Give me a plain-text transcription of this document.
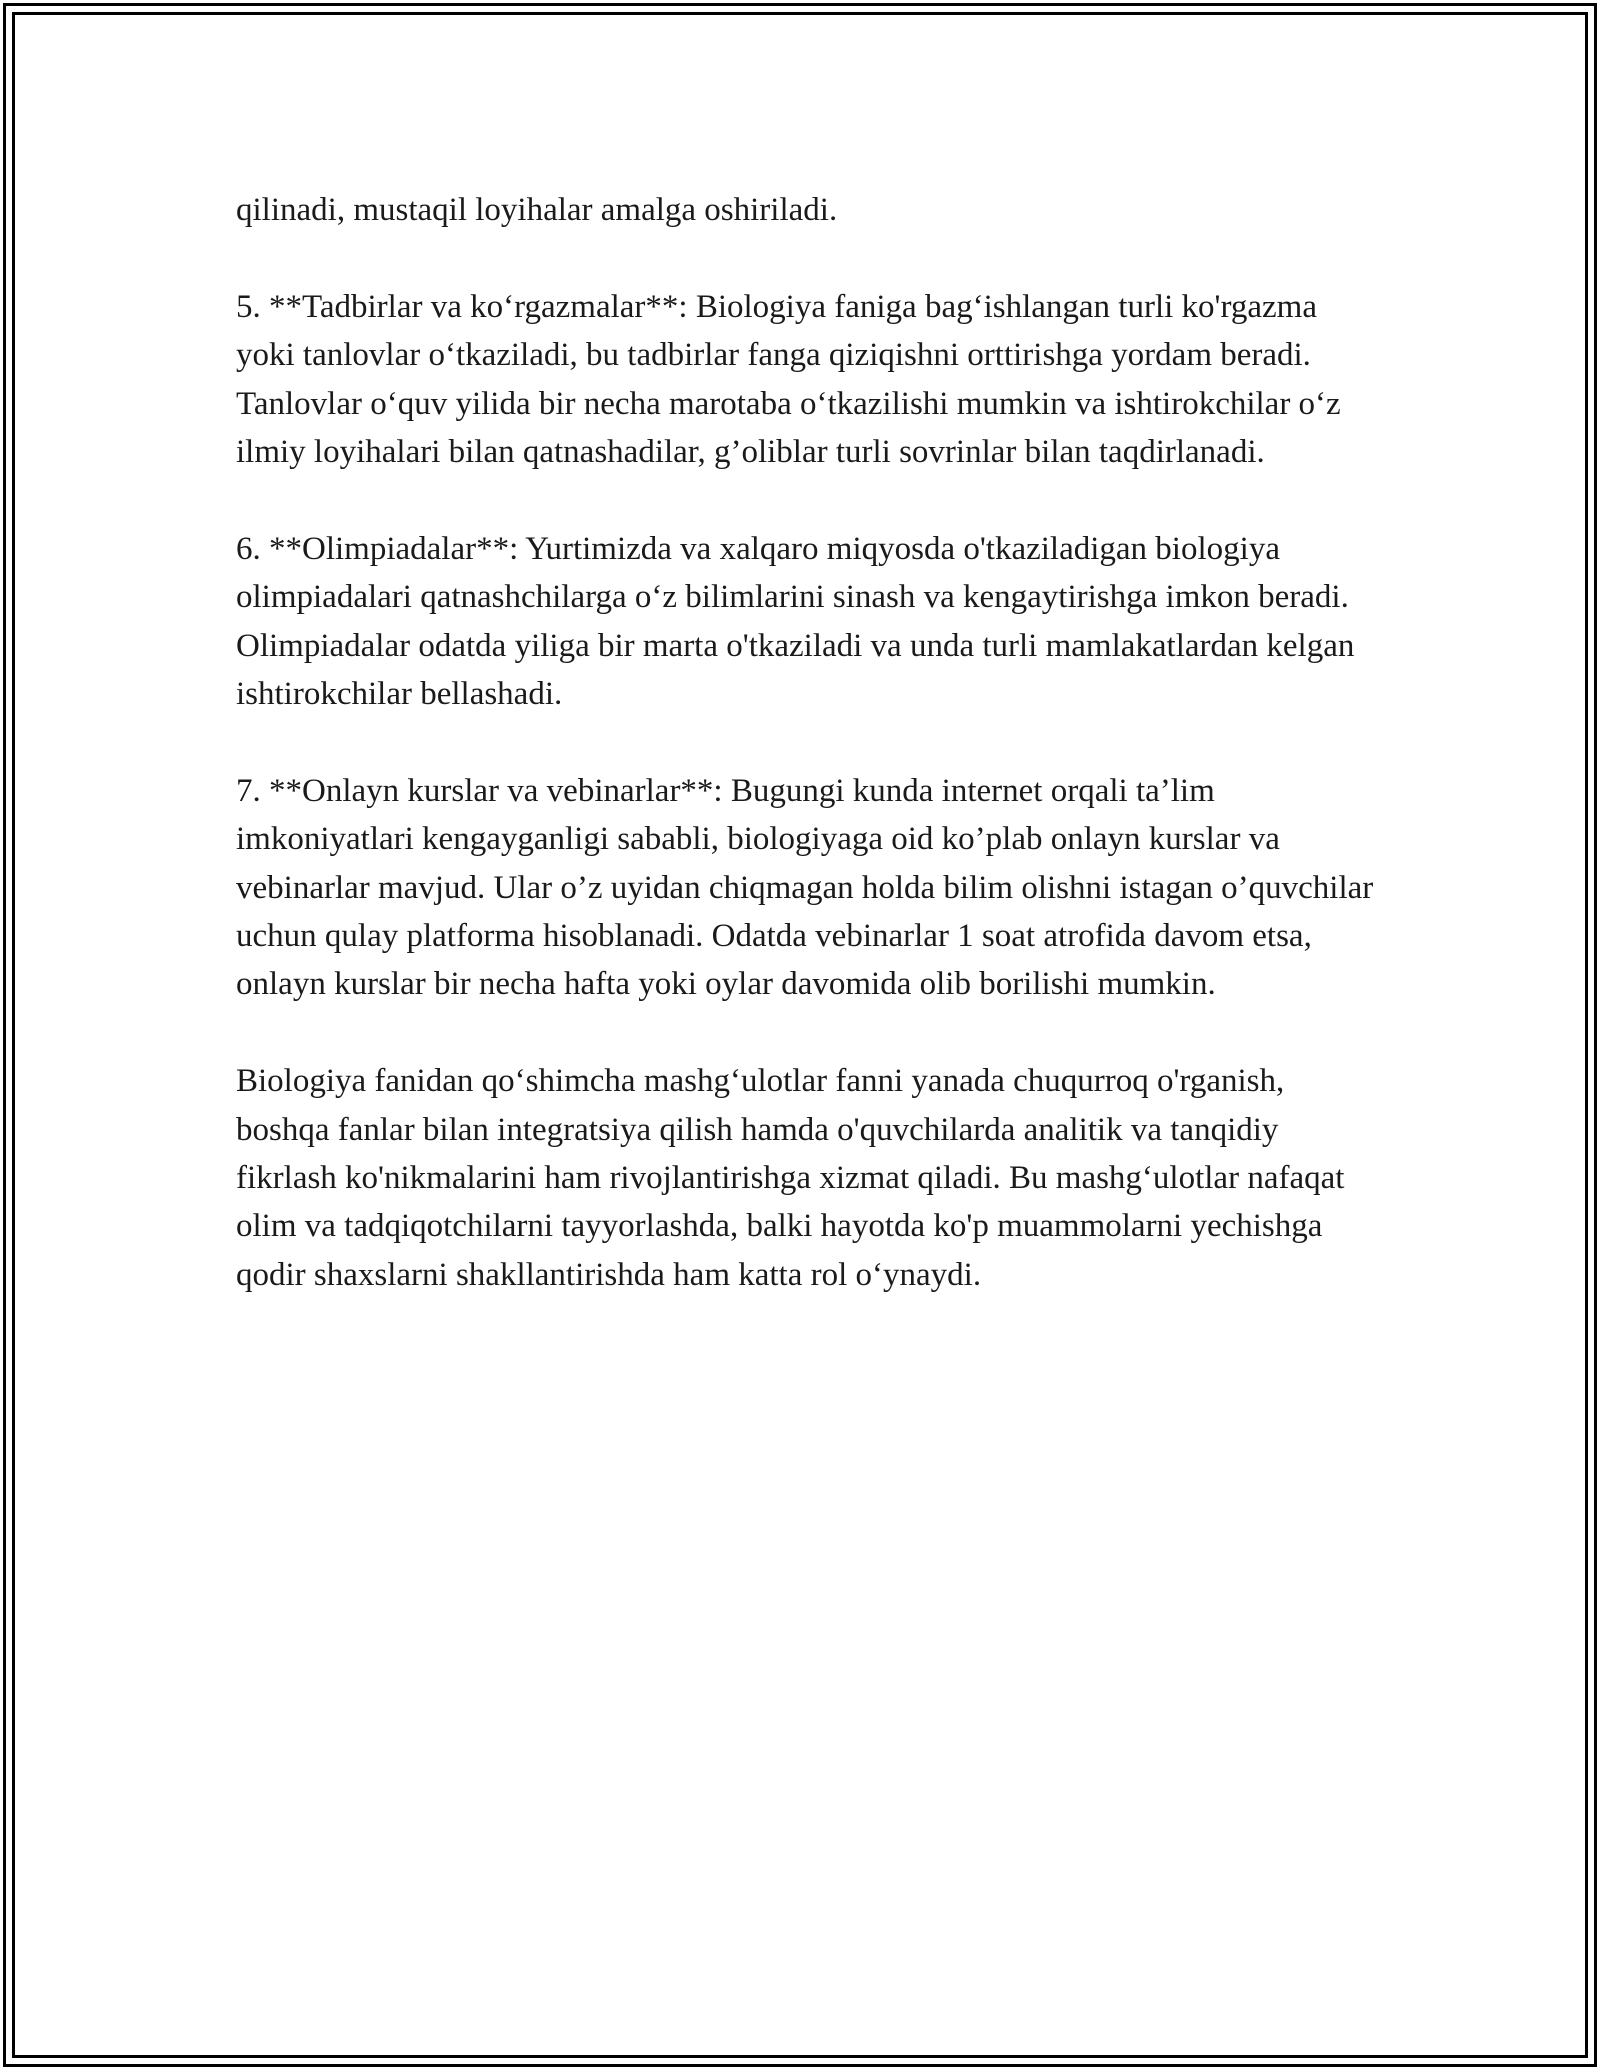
qilinadi, mustaqil loyihalar amalga oshiriladi.

5. **Tadbirlar va ko‘rgazmalar**: Biologiya faniga bag‘ishlangan turli ko'rgazma yoki tanlovlar o‘tkaziladi, bu tadbirlar fanga qiziqishni orttirishga yordam beradi. Tanlovlar o‘quv yilida bir necha marotaba o‘tkazilishi mumkin va ishtirokchilar o‘z ilmiy loyihalari bilan qatnashadilar, g’oliblar turli sovrinlar bilan taqdirlanadi.

6. **Olimpiadalar**: Yurtimizda va xalqaro miqyosda o'tkaziladigan biologiya olimpiadalari qatnashchilarga o‘z bilimlarini sinash va kengaytirishga imkon beradi. Olimpiadalar odatda yiliga bir marta o'tkaziladi va unda turli mamlakatlardan kelgan ishtirokchilar bellashadi.

7. **Onlayn kurslar va vebinarlar**: Bugungi kunda internet orqali ta’lim imkoniyatlari kengayganligi sababli, biologiyaga oid ko’plab onlayn kurslar va vebinarlar mavjud. Ular o’z uyidan chiqmagan holda bilim olishni istagan o’quvchilar uchun qulay platforma hisoblanadi. Odatda vebinarlar 1 soat atrofida davom etsa, onlayn kurslar bir necha hafta yoki oylar davomida olib borilishi mumkin.

Biologiya fanidan qo‘shimcha mashg‘ulotlar fanni yanada chuqurroq o'rganish, boshqa fanlar bilan integratsiya qilish hamda o'quvchilarda analitik va tanqidiy fikrlash ko'nikmalarini ham rivojlantirishga xizmat qiladi. Bu mashg‘ulotlar nafaqat olim va tadqiqotchilarni tayyorlashda, balki hayotda ko'p muammolarni yechishga qodir shaxslarni shakllantirishda ham katta rol o‘ynaydi.
